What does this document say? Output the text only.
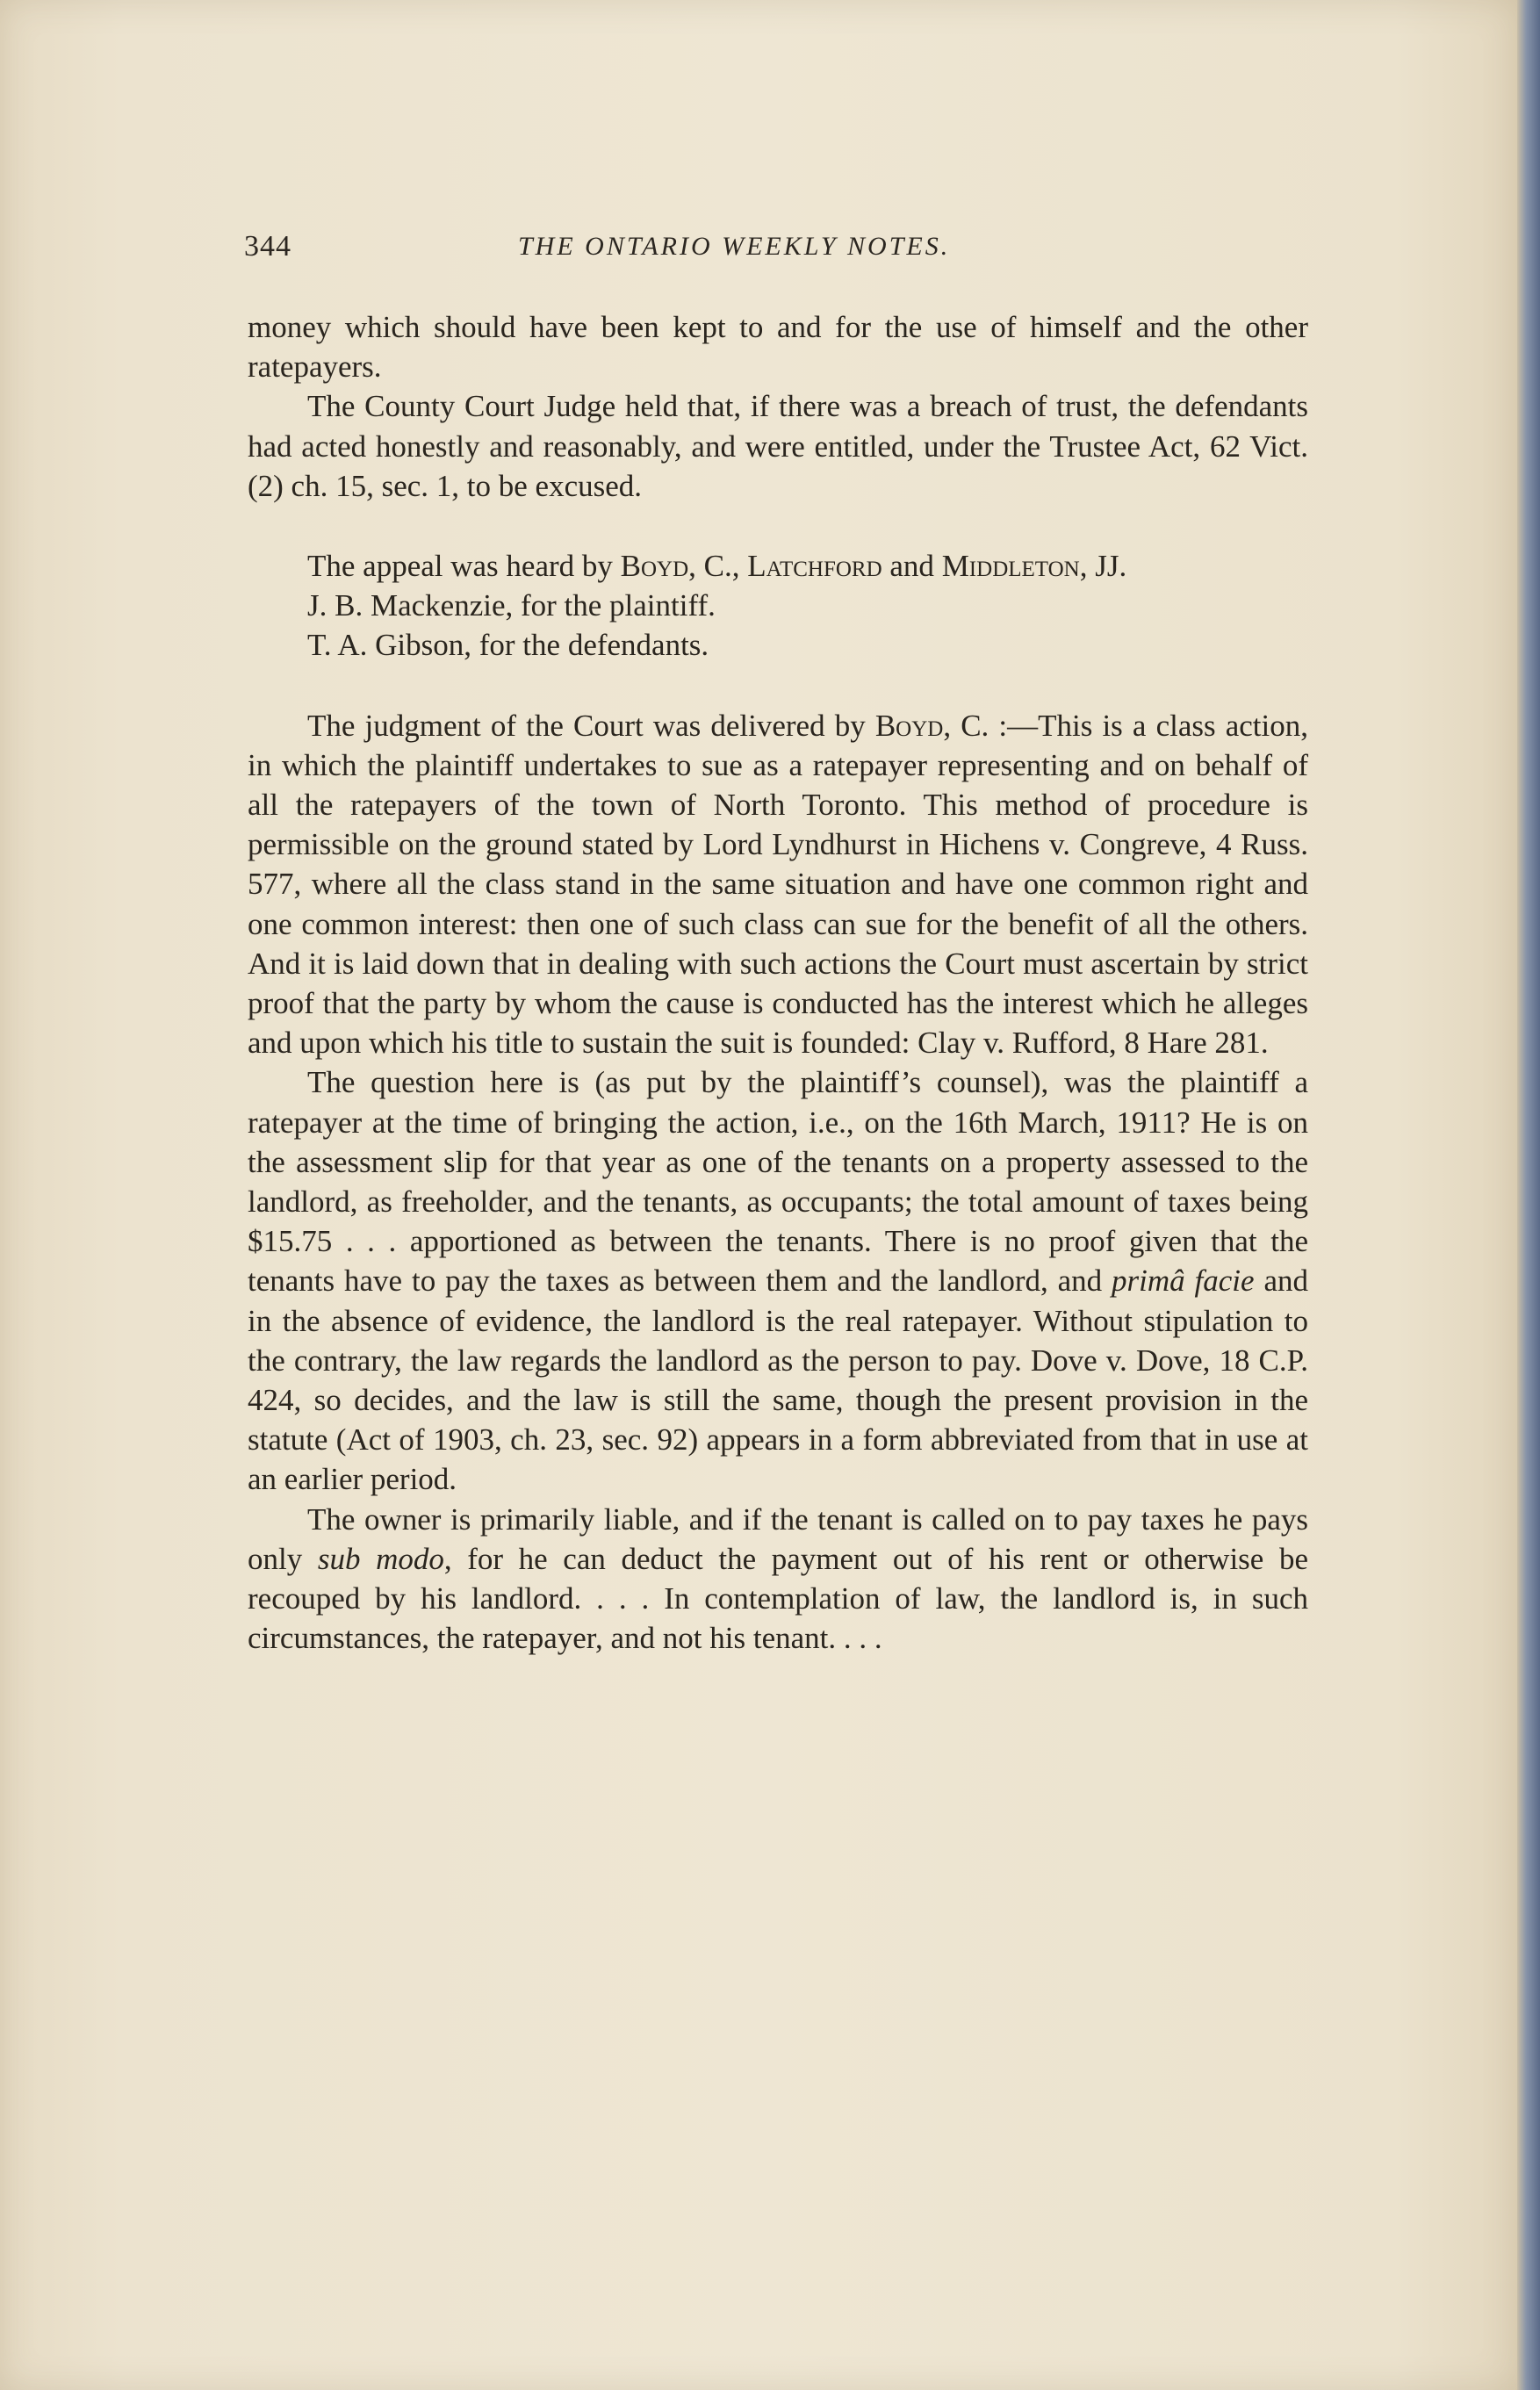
344	THE ONTARIO WEEKLY NOTES.

money which should have been kept to and for the use of himself and the other ratepayers.

The County Court Judge held that, if there was a breach of trust, the defendants had acted honestly and reasonably, and were entitled, under the Trustee Act, 62 Vict. (2) ch. 15, sec. 1, to be excused.

The appeal was heard by Boyd, C., Latchford and Middleton, JJ.

J. B. Mackenzie, for the plaintiff.

T. A. Gibson, for the defendants.

The judgment of the Court was delivered by Boyd, C. :—This is a class action, in which the plaintiff undertakes to sue as a ratepayer representing and on behalf of all the ratepayers of the town of North Toronto. This method of procedure is permissible on the ground stated by Lord Lyndhurst in Hichens v. Congreve, 4 Russ. 577, where all the class stand in the same situation and have one common right and one common interest: then one of such class can sue for the benefit of all the others. And it is laid down that in dealing with such actions the Court must ascertain by strict proof that the party by whom the cause is conducted has the interest which he alleges and upon which his title to sustain the suit is founded: Clay v. Rufford, 8 Hare 281.

The question here is (as put by the plaintiff’s counsel), was the plaintiff a ratepayer at the time of bringing the action, i.e., on the 16th March, 1911? He is on the assessment slip for that year as one of the tenants on a property assessed to the landlord, as freeholder, and the tenants, as occupants; the total amount of taxes being $15.75 . . . apportioned as between the tenants. There is no proof given that the tenants have to pay the taxes as between them and the landlord, and primâ facie and in the absence of evidence, the landlord is the real ratepayer. Without stipulation to the contrary, the law regards the landlord as the person to pay. Dove v. Dove, 18 C.P. 424, so decides, and the law is still the same, though the present provision in the statute (Act of 1903, ch. 23, sec. 92) appears in a form abbreviated from that in use at an earlier period.

The owner is primarily liable, and if the tenant is called on to pay taxes he pays only sub modo, for he can deduct the payment out of his rent or otherwise be recouped by his landlord. . . . In contemplation of law, the landlord is, in such circumstances, the ratepayer, and not his tenant. . . .
